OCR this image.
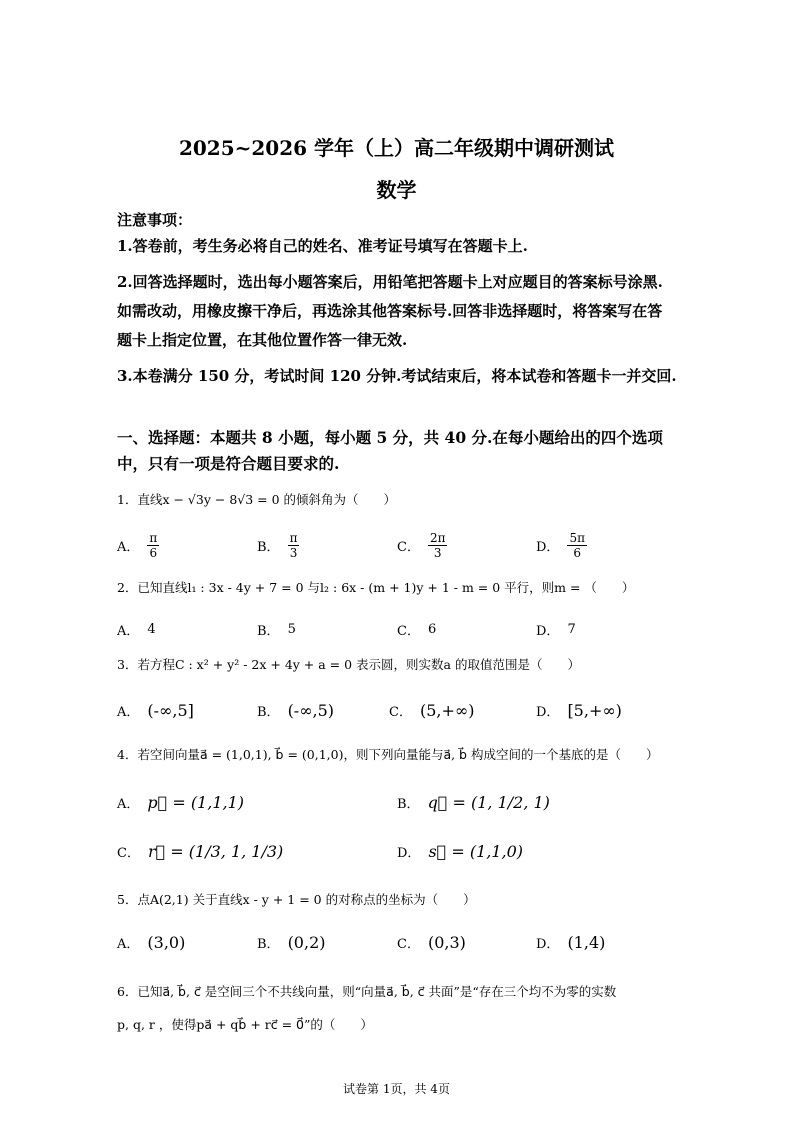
2025~2026 学年（上）高二年级期中调研测试
数学
注意事项：
1.答卷前，考生务必将自己的姓名、准考证号填写在答题卡上.
2.回答选择题时，选出每小题答案后，用铅笔把答题卡上对应题目的答案标号涂黑.如需改动，用橡皮擦干净后，再选涂其他答案标号.回答非选择题时，将答案写在答题卡上指定位置，在其他位置作答一律无效.
3.本卷满分 150 分，考试时间 120 分钟.考试结束后，将本试卷和答题卡一并交回.
一、选择题：本题共 8 小题，每小题 5 分，共 40 分.在每小题给出的四个选项中，只有一项是符合题目要求的.
1．直线x − √3y − 8√3 = 0 的倾斜角为（　　）
A． $\frac{\pi}{6}$	B． $\frac{\pi}{3}$	C． $\frac{2\pi}{3}$	D． $\frac{5\pi}{6}$
2．已知直线l₁ : 3x - 4y + 7 = 0 与l₂ : 6x - (m + 1)y + 1 - m = 0 平行，则m = （　　）
A． 4	B． 5	C． 6	D． 7
3．若方程C : x² + y² - 2x + 4y + a = 0 表示圆，则实数a 的取值范围是（　　）
A． (-∞,5]	B． (-∞,5)	C． (5,+∞)	D． [5,+∞)
4．若空间向量a⃗ = (1,0,1), b⃗ = (0,1,0)，则下列向量能与a⃗, b⃗ 构成空间的一个基底的是（　　）
A． p⃗ = (1,1,1)	B． q⃗ = (1, 1/2, 1)
C． r⃗ = (1/3, 1, 1/3)	D． s⃗ = (1,1,0)
5．点A(2,1) 关于直线x - y + 1 = 0 的对称点的坐标为（　　）
A． (3,0)	B． (0,2)	C． (0,3)	D． (1,4)
6．已知a⃗, b⃗, c⃗ 是空间三个不共线向量，则“向量a⃗, b⃗, c⃗ 共面”是“存在三个均不为零的实数
p, q, r ，使得pa⃗ + qb⃗ + rc⃗ = 0⃗”的（　　）
试卷第 1页，共 4页
